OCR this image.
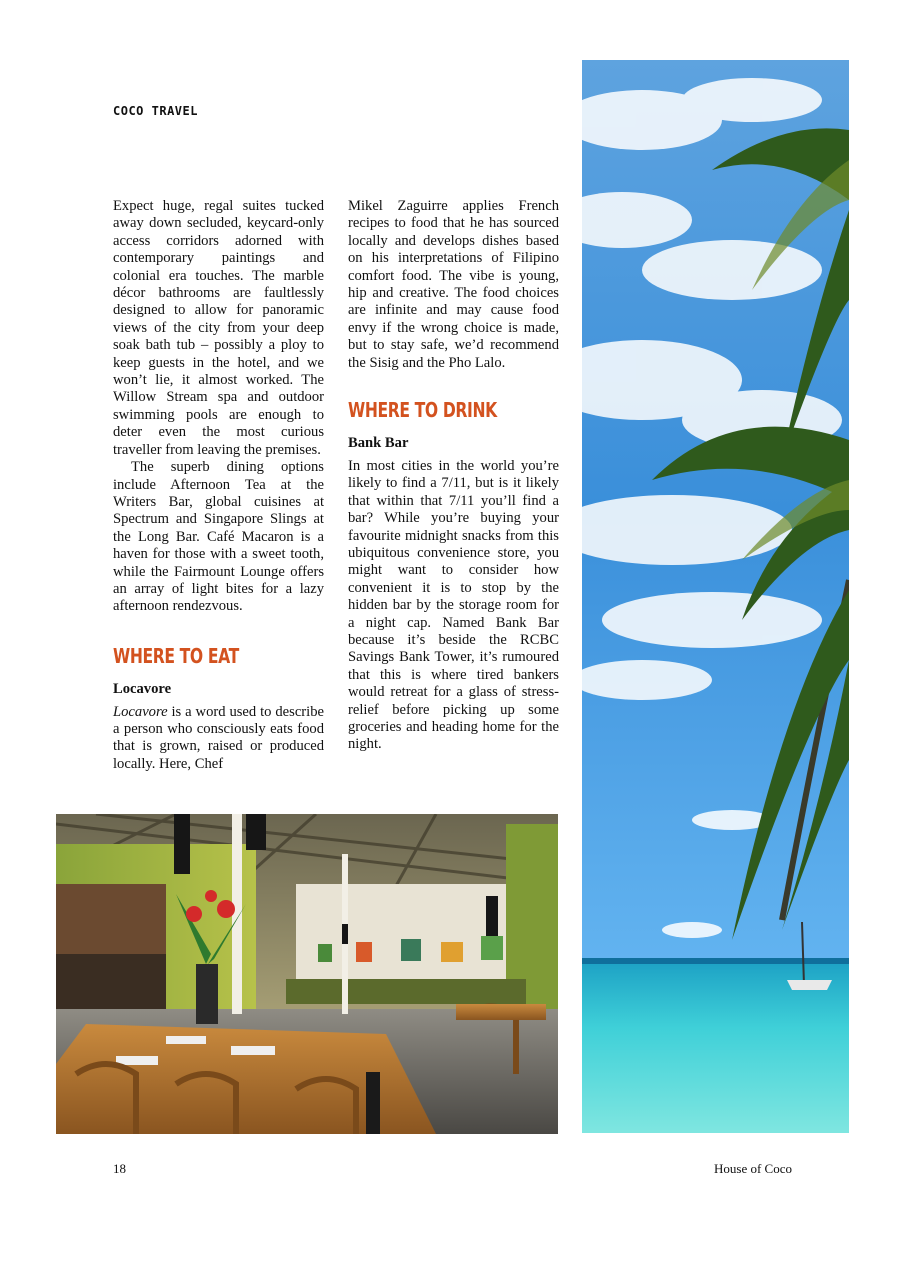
COCO TRAVEL

Expect huge, regal suites tucked away down secluded, keycard-only access corridors adorned with contemporary paintings and colonial era touches. The marble décor bathrooms are faultlessly designed to allow for panoramic views of the city from your deep soak bath tub – possibly a ploy to keep guests in the hotel, and we won’t lie, it almost worked. The Willow Stream spa and outdoor swimming pools are enough to deter even the most curious traveller from leaving the premises.

The superb dining options include Afternoon Tea at the Writers Bar, global cuisines at Spectrum and Singapore Slings at the Long Bar. Café Macaron is a haven for those with a sweet tooth, while the Fairmount Lounge offers an array of light bites for a lazy afternoon rendezvous.

WHERE TO EAT
Locavore

Locavore is a word used to describe a person who consciously eats food that is grown, raised or produced locally. Here, Chef

Mikel Zaguirre applies French recipes to food that he has sourced locally and develops dishes based on his interpretations of Filipino comfort food. The vibe is young, hip and creative. The food choices are infinite and may cause food envy if the wrong choice is made, but to stay safe, we’d recommend the Sisig and the Pho Lalo.

WHERE TO DRINK
Bank Bar

In most cities in the world you’re likely to find a 7/11, but is it likely that within that 7/11 you’ll find a bar? While you’re buying your favourite midnight snacks from this ubiquitous convenience store, you might want to consider how convenient it is to stop by the hidden bar by the storage room for a night cap. Named Bank Bar because it’s beside the RCBC Savings Bank Tower, it’s rumoured that this is where tired bankers would retreat for a glass of stress-relief before picking up some groceries and heading home for the night.

18	House of Coco
